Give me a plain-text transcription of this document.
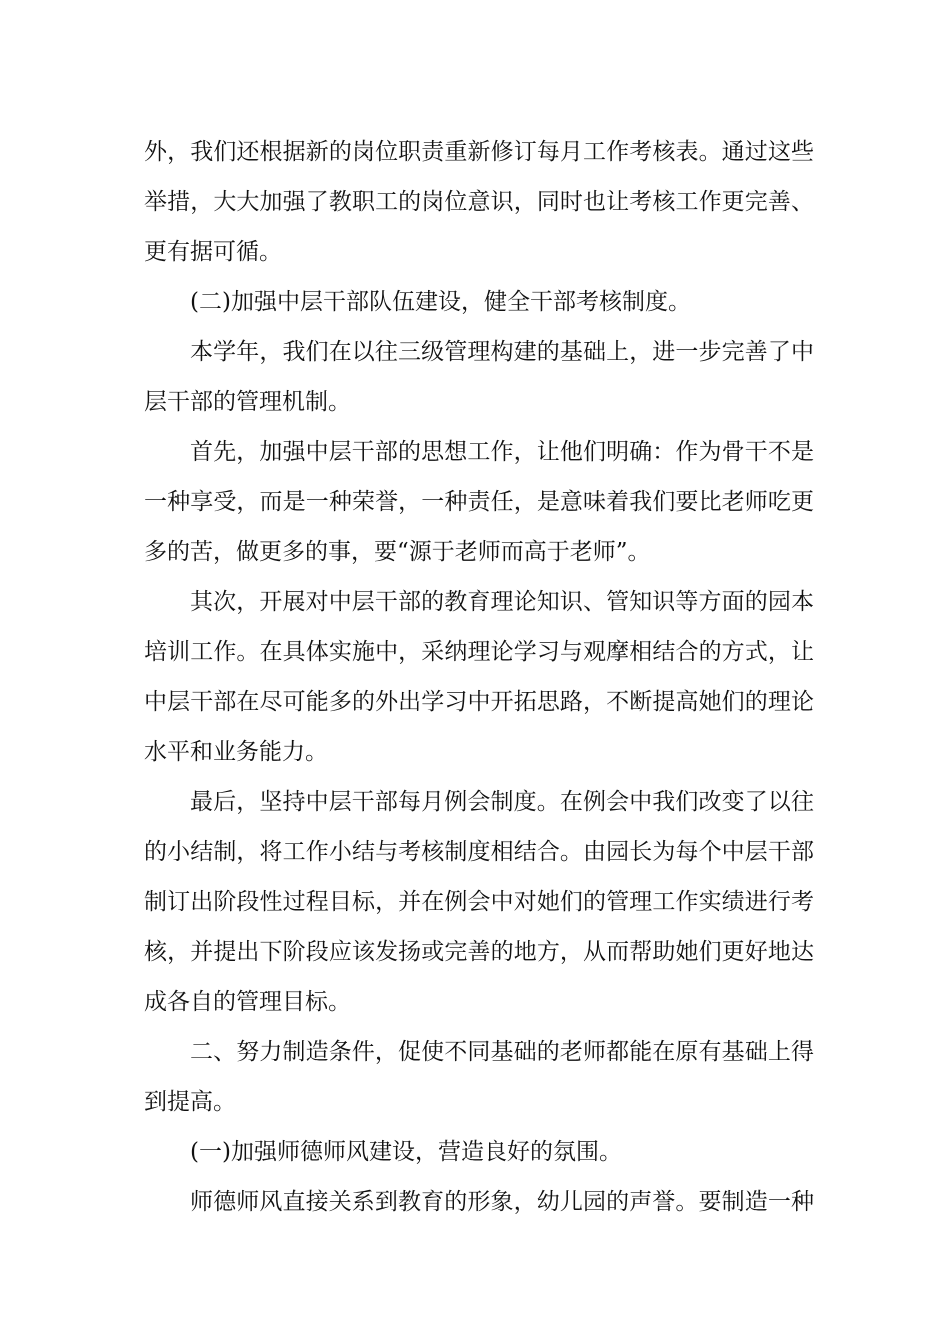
外，我们还根据新的岗位职责重新修订每月工作考核表。通过这些
举措，大大加强了教职工的岗位意识，同时也让考核工作更完善、
更有据可循。
(二)加强中层干部队伍建设，健全干部考核制度。
本学年，我们在以往三级管理构建的基础上，进一步完善了中
层干部的管理机制。
首先，加强中层干部的思想工作，让他们明确：作为骨干不是
一种享受，而是一种荣誉，一种责任，是意味着我们要比老师吃更
多的苦，做更多的事，要“源于老师而高于老师”。
其次，开展对中层干部的教育理论知识、管知识等方面的园本
培训工作。在具体实施中，采纳理论学习与观摩相结合的方式，让
中层干部在尽可能多的外出学习中开拓思路，不断提高她们的理论
水平和业务能力。
最后，坚持中层干部每月例会制度。在例会中我们改变了以往
的小结制，将工作小结与考核制度相结合。由园长为每个中层干部
制订出阶段性过程目标，并在例会中对她们的管理工作实绩进行考
核，并提出下阶段应该发扬或完善的地方，从而帮助她们更好地达
成各自的管理目标。
二、努力制造条件，促使不同基础的老师都能在原有基础上得
到提高。
(一)加强师德师风建设，营造良好的氛围。
师德师风直接关系到教育的形象，幼儿园的声誉。要制造一种
